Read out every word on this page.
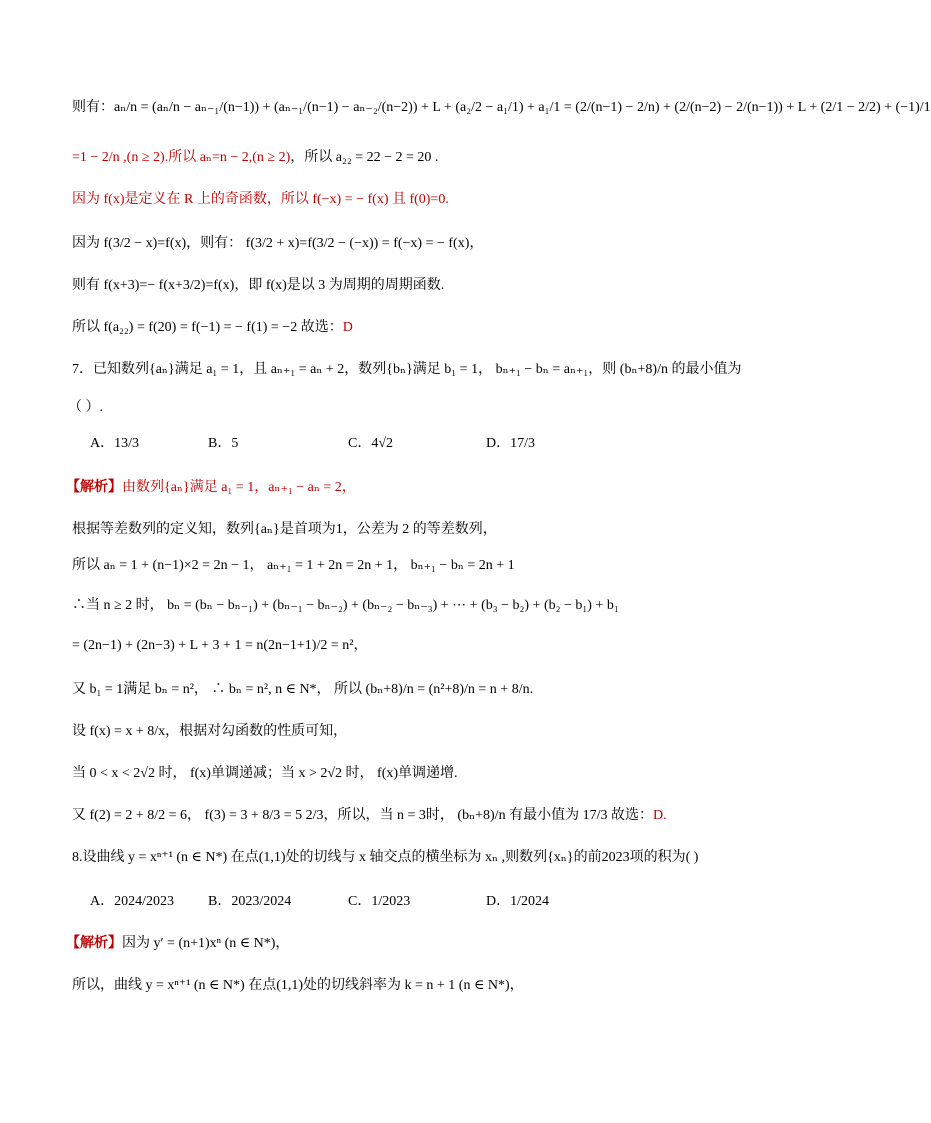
则有：aₙ/n = (aₙ/n − aₙ₋₁/(n−1)) + (aₙ₋₁/(n−1) − aₙ₋₂/(n−2)) + L + (a₂/2 − a₁/1) + a₁/1 = (2/(n−1) − 2/n) + (2/(n−2) − 2/(n−1)) + L + (2/1 − 2/2) + (−1)/1
=1 − 2/n ,(n ≥ 2).所以 aₙ=n − 2,(n ≥ 2)，所以 a₂₂ = 22 − 2 = 20 .
因为 f(x)是定义在 R 上的奇函数，所以 f(−x) = − f(x) 且 f(0)=0.
因为 f(3/2 − x)=f(x)，则有： f(3/2 + x)=f(3/2 − (−x)) = f(−x) = − f(x)，
则有 f(x+3)=− f(x+3/2)=f(x)，即 f(x)是以 3 为周期的周期函数.
所以 f(a₂₂) = f(20) = f(−1) = − f(1) = −2 故选：D
7．已知数列{aₙ}满足 a₁ = 1，且 aₙ₊₁ = aₙ + 2，数列{bₙ}满足 b₁ = 1， bₙ₊₁ − bₙ = aₙ₊₁，则 (bₙ+8)/n 的最小值为
（ ）.
A．13/3	B．5	C．4√2	D．17/3
【解析】由数列{aₙ}满足 a₁ = 1，aₙ₊₁ − aₙ = 2，
根据等差数列的定义知，数列{aₙ}是首项为1，公差为 2 的等差数列，
所以 aₙ = 1 + (n−1)×2 = 2n − 1， aₙ₊₁ = 1 + 2n = 2n + 1， bₙ₊₁ − bₙ = 2n + 1
∴当 n ≥ 2 时， bₙ = (bₙ − bₙ₋₁) + (bₙ₋₁ − bₙ₋₂) + (bₙ₋₂ − bₙ₋₃) + ⋯ + (b₃ − b₂) + (b₂ − b₁) + b₁
= (2n−1) + (2n−3) + L + 3 + 1 = n(2n−1+1)/2 = n²，
又 b₁ = 1满足 bₙ = n²， ∴ bₙ = n², n ∈ N*， 所以 (bₙ+8)/n = (n²+8)/n = n + 8/n.
设 f(x) = x + 8/x，根据对勾函数的性质可知，
当 0 < x < 2√2 时， f(x)单调递减；当 x > 2√2 时， f(x)单调递增.
又 f(2) = 2 + 8/2 = 6， f(3) = 3 + 8/3 = 5 2/3，所以，当 n = 3时， (bₙ+8)/n 有最小值为 17/3 故选：D.
8.设曲线 y = xⁿ⁺¹ (n ∈ N*) 在点(1,1)处的切线与 x 轴交点的横坐标为 xₙ ,则数列{xₙ}的前2023项的积为( )
A．2024/2023 B．2023/2024	C．1/2023	D．1/2024
【解析】因为 y′ = (n+1)xⁿ (n ∈ N*)，
所以，曲线 y = xⁿ⁺¹ (n ∈ N*) 在点(1,1)处的切线斜率为 k = n + 1 (n ∈ N*)，
